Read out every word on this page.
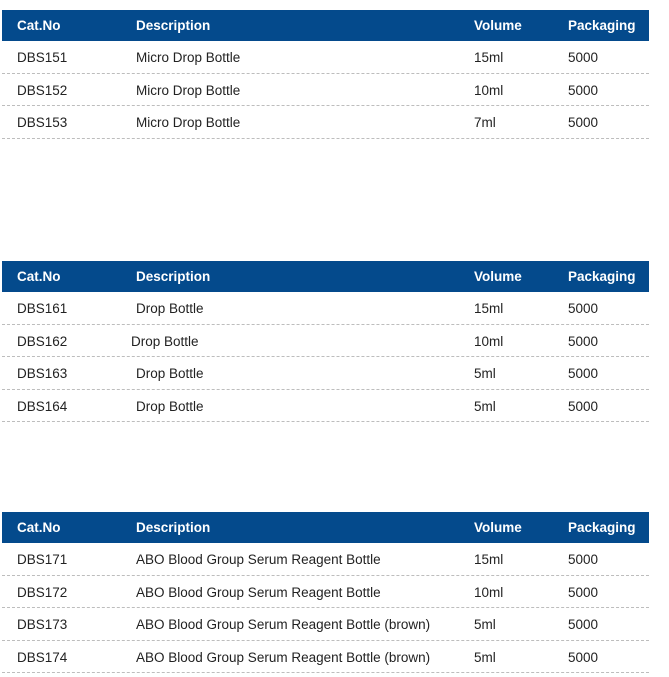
Cat.No	Description	Volume	Packaging
DBS151	Micro Drop Bottle	15ml	5000
DBS152	Micro Drop Bottle	10ml	5000
DBS153	Micro Drop Bottle	7ml	5000
Cat.No	Description	Volume	Packaging
DBS161	Drop Bottle	15ml	5000
DBS162	Drop Bottle	10ml	5000
DBS163	Drop Bottle	5ml	5000
DBS164	Drop Bottle	5ml	5000
Cat.No	Description	Volume	Packaging
DBS171	ABO Blood Group Serum Reagent Bottle	15ml	5000
DBS172	ABO Blood Group Serum Reagent Bottle	10ml	5000
DBS173	ABO Blood Group Serum Reagent Bottle (brown)	5ml	5000
DBS174	ABO Blood Group Serum Reagent Bottle (brown)	5ml	5000
